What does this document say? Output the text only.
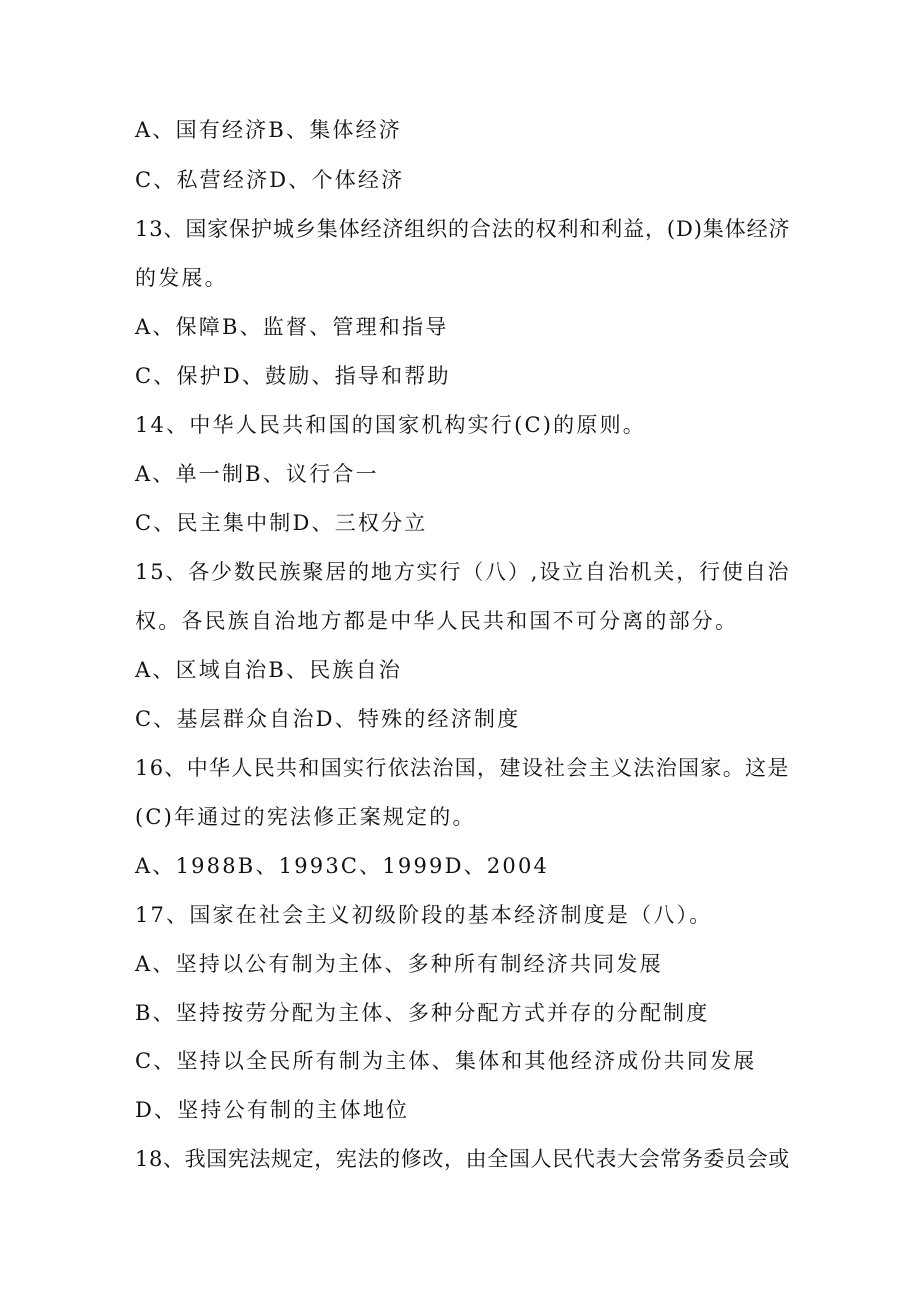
A、国有经济B、集体经济

C、私营经济D、个体经济

13、国家保护城乡集体经济组织的合法的权利和利益，(D)集体经济

的发展。

A、保障B、监督、管理和指导

C、保护D、鼓励、指导和帮助

14、中华人民共和国的国家机构实行(C)的原则。

A、单一制B、议行合一

C、民主集中制D、三权分立

15、各少数民族聚居的地方实行（八）,设立自治机关，行使自治

权。各民族自治地方都是中华人民共和国不可分离的部分。

A、区域自治B、民族自治

C、基层群众自治D、特殊的经济制度

16、中华人民共和国实行依法治国，建设社会主义法治国家。这是

(C)年通过的宪法修正案规定的。

A、1988B、1993C、1999D、2004

17、国家在社会主义初级阶段的基本经济制度是（八）。

A、坚持以公有制为主体、多种所有制经济共同发展

B、坚持按劳分配为主体、多种分配方式并存的分配制度

C、坚持以全民所有制为主体、集体和其他经济成份共同发展

D、坚持公有制的主体地位

18、我国宪法规定，宪法的修改，由全国人民代表大会常务委员会或
